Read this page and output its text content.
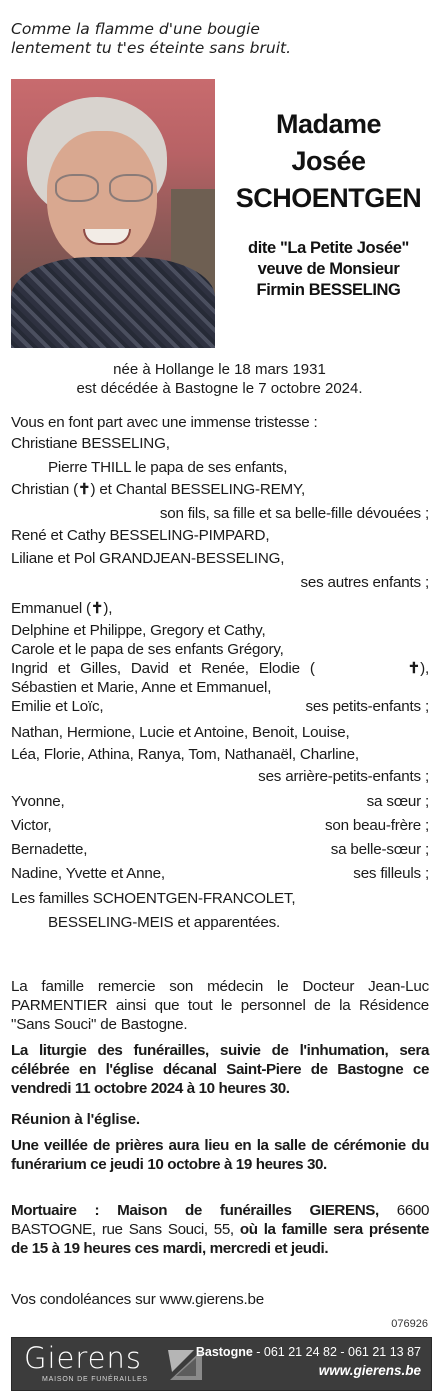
Comme la flamme d'une bougie
lentement tu t'es éteinte sans bruit.
Madame
Josée
SCHOENTGEN
dite "La Petite Josée"
veuve de Monsieur
Firmin BESSELING
née à Hollange le 18 mars 1931
est décédée à Bastogne le 7 octobre 2024.
Vous en font part avec une immense tristesse :
Christiane BESSELING,
Pierre THILL le papa de ses enfants,
Christian (✝) et Chantal BESSELING-REMY,
son fils, sa fille et sa belle-fille dévouées ;
René et Cathy BESSELING-PIMPARD,
Liliane et Pol GRANDJEAN-BESSELING,
ses autres enfants ;
Emmanuel (✝),
Delphine et Philippe, Gregory et Cathy,
Carole et le papa de ses enfants Grégory,
Ingrid et Gilles, David et Renée, Elodie (	✝),
Sébastien et Marie, Anne et Emmanuel,
Emilie et Loïc,	ses petits-enfants ;
Nathan, Hermione, Lucie et Antoine, Benoit, Louise,
Léa, Florie, Athina, Ranya, Tom, Nathanaël, Charline,
ses arrière-petits-enfants ;
Yvonne,	sa sœur ;
Victor,	son beau-frère ;
Bernadette,	sa belle-sœur ;
Nadine, Yvette et Anne,	ses filleuls ;
Les familles SCHOENTGEN-FRANCOLET,
BESSELING-MEIS et apparentées.
La famille remercie son médecin le Docteur Jean-Luc PARMENTIER ainsi que tout le personnel de la Résidence "Sans Souci" de Bastogne.
La liturgie des funérailles, suivie de l'inhumation, sera célébrée en l'église décanal Saint-Piere de Bastogne ce vendredi 11 octobre 2024 à 10 heures 30.
Réunion à l'église.
Une veillée de prières aura lieu en la salle de cérémonie du funérarium ce jeudi 10 octobre à 19 heures 30.
Mortuaire : Maison de funérailles GIERENS, 6600 BASTOGNE, rue Sans Souci, 55, où la famille sera présente de 15 à 19 heures ces mardi, mercredi et jeudi.
Vos condoléances sur www.gierens.be
076926
Gierens
MAISON DE FUNÉRAILLES
Bastogne - 061 21 24 82 - 061 21 13 87
www.gierens.be
